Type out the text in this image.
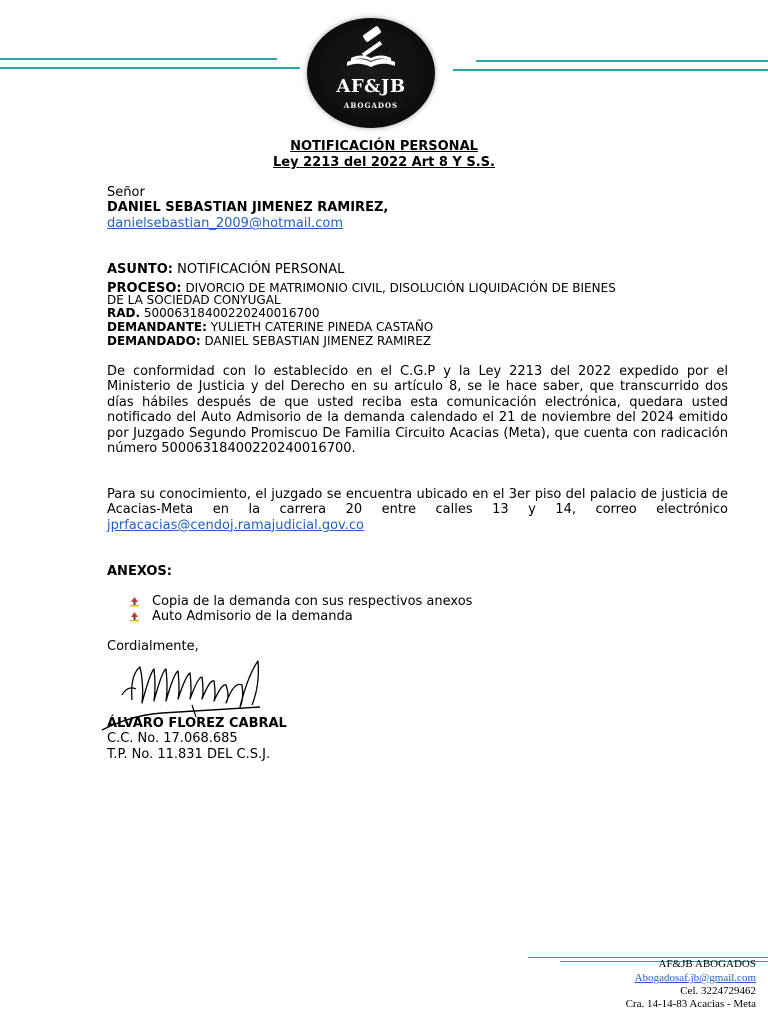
AF&JB
ABOGADOS
NOTIFICACIÓN PERSONAL
Ley 2213 del 2022 Art 8 Y S.S.
Señor
DANIEL SEBASTIAN JIMENEZ RAMIREZ,
danielsebastian_2009@hotmail.com
ASUNTO: NOTIFICACIÓN PERSONAL
PROCESO: DIVORCIO DE MATRIMONIO CIVIL, DISOLUCIÓN LIQUIDACIÓN DE BIENES
DE LA SOCIEDAD CONYUGAL
RAD. 50006318400220240016700
DEMANDANTE: YULIETH CATERINE PINEDA CASTAÑO
DEMANDADO: DANIEL SEBASTIAN JIMENEZ RAMIREZ

De conformidad con lo establecido en el C.G.P y la Ley 2213 del 2022 expedido por el Ministerio de Justicia y del Derecho en su artículo 8, se le hace saber, que transcurrido dos días hábiles después de que usted reciba esta comunicación electrónica, quedara usted notificado del Auto Admisorio de la demanda calendado el 21 de noviembre del 2024 emitido por Juzgado Segundo Promiscuo De Familia Circuito Acacias (Meta), que cuenta con radicación número 50006318400220240016700.

Para su conocimiento, el juzgado se encuentra ubicado en el 3er piso del palacio de justicia de Acacias-Meta en la carrera 20 entre calles 13 y 14, correo electrónico jprfacacias@cendoj.ramajudicial.gov.co

ANEXOS:
Copia de la demanda con sus respectivos anexos
Auto Admisorio de la demanda
Cordialmente,
ÁLVARO FLOREZ CABRAL
C.C. No. 17.068.685
T.P. No. 11.831 DEL C.S.J.
AF&JB ABOGADOS
Abogadosaf.jb@gmail.com
Cel. 3224729462
Cra. 14-14-83 Acacias - Meta
